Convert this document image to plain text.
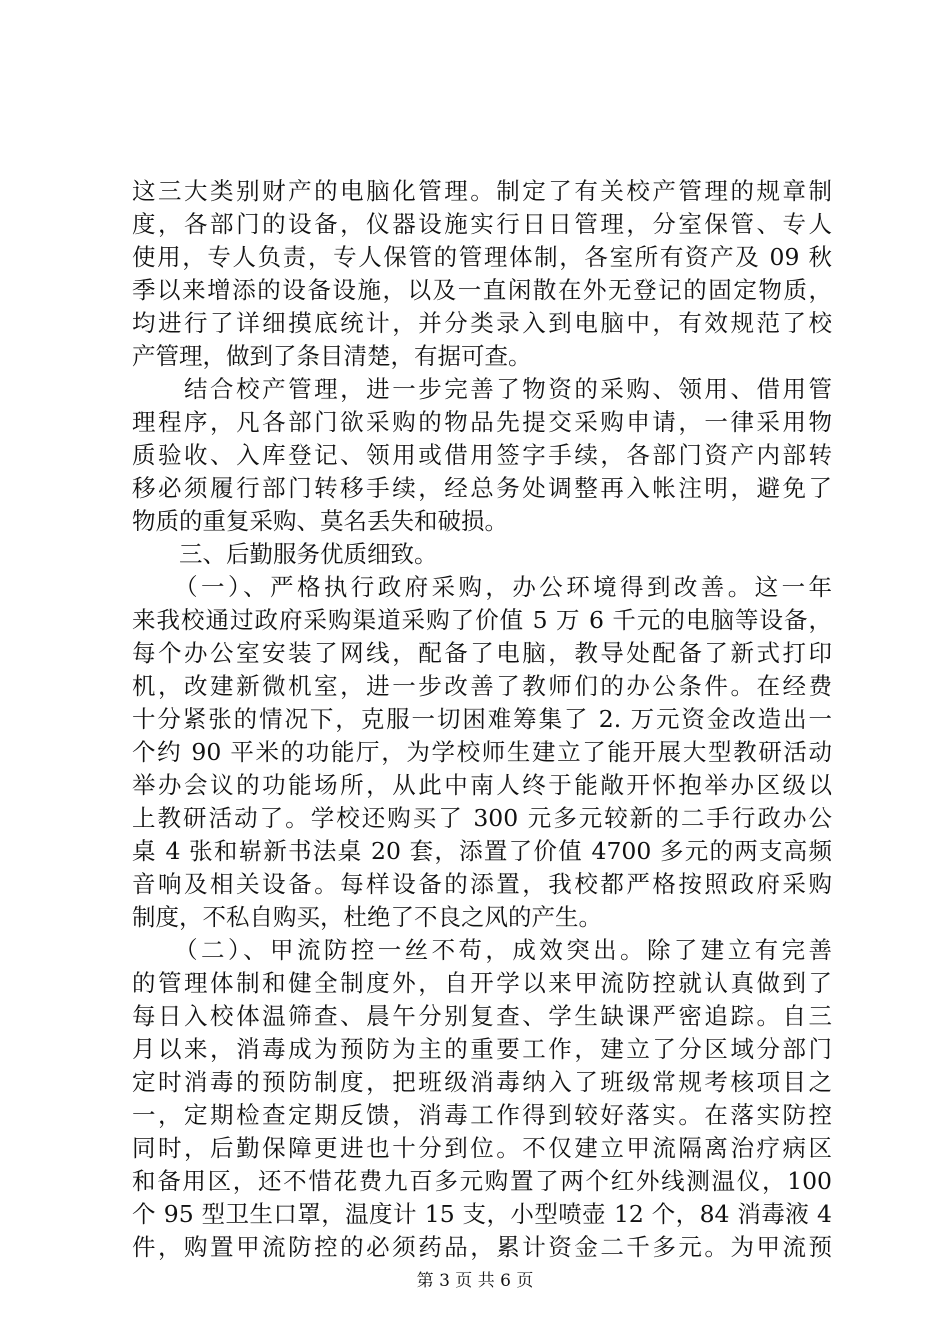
这三大类别财产的电脑化管理。制定了有关校产管理的规章制
度，各部门的设备，仪器设施实行日日管理，分室保管、专人
使用，专人负责，专人保管的管理体制，各室所有资产及 09 秋
季以来增添的设备设施，以及一直闲散在外无登记的固定物质，
均进行了详细摸底统计，并分类录入到电脑中，有效规范了校
产管理，做到了条目清楚，有据可查。
　　结合校产管理，进一步完善了物资的采购、领用、借用管
理程序，凡各部门欲采购的物品先提交采购申请，一律采用物
质验收、入库登记、领用或借用签字手续，各部门资产内部转
移必须履行部门转移手续，经总务处调整再入帐注明，避免了
物质的重复采购、莫名丢失和破损。
　　三、后勤服务优质细致。
　　（一）、严格执行政府采购，办公环境得到改善。这一年
来我校通过政府采购渠道采购了价值 5 万 6 千元的电脑等设备，
每个办公室安装了网线，配备了电脑，教导处配备了新式打印
机，改建新微机室，进一步改善了教师们的办公条件。在经费
十分紧张的情况下，克服一切困难筹集了 2. 万元资金改造出一
个约 90 平米的功能厅，为学校师生建立了能开展大型教研活动
举办会议的功能场所，从此中南人终于能敞开怀抱举办区级以
上教研活动了。学校还购买了 300 元多元较新的二手行政办公
桌 4 张和崭新书法桌 20 套，添置了价值 4700 多元的两支高频
音响及相关设备。每样设备的添置，我校都严格按照政府采购
制度，不私自购买，杜绝了不良之风的产生。
　　（二）、甲流防控一丝不苟，成效突出。除了建立有完善
的管理体制和健全制度外，自开学以来甲流防控就认真做到了
每日入校体温筛查、晨午分别复查、学生缺课严密追踪。自三
月以来，消毒成为预防为主的重要工作，建立了分区域分部门
定时消毒的预防制度，把班级消毒纳入了班级常规考核项目之
一，定期检查定期反馈，消毒工作得到较好落实。在落实防控
同时，后勤保障更进也十分到位。不仅建立甲流隔离治疗病区
和备用区，还不惜花费九百多元购置了两个红外线测温仪，100
个 95 型卫生口罩，温度计 15 支，小型喷壶 12 个，84 消毒液 4
件，购置甲流防控的必须药品，累计资金二千多元。为甲流预
第 3 页 共 6 页
